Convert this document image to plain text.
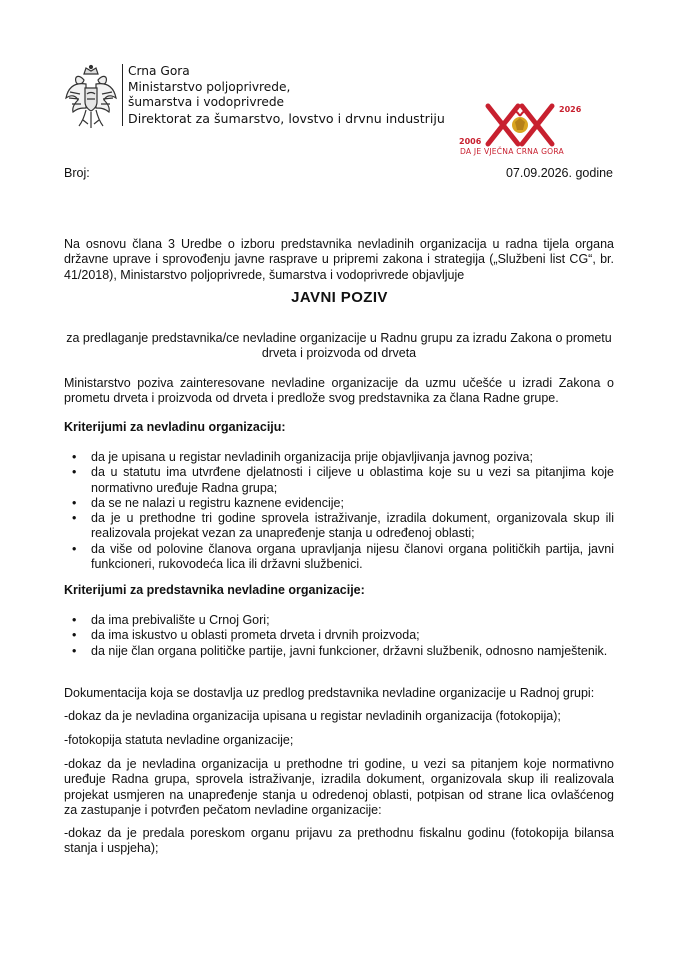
Crna Gora
Ministarstvo poljoprivrede,
šumarstva i vodoprivrede
Direktorat za šumarstvo, lovstvo i drvnu industriju
2006
2026
DA JE VJEČNA CRNA GORA
Broj:	07.09.2026. godine
Na osnovu člana 3 Uredbe o izboru predstavnika nevladinih organizacija u radna tijela organa državne uprave i sprovođenju javne rasprave u pripremi zakona i strategija („Službeni list CG“, br. 41/2018), Ministarstvo poljoprivrede, šumarstva i vodoprivrede objavljuje
JAVNI POZIV
za predlaganje predstavnika/ce nevladine organizacije u Radnu grupu za izradu Zakona o prometu drveta i proizvoda od drveta
Ministarstvo poziva zainteresovane nevladine organizacije da uzmu učešće u izradi Zakona o prometu drveta i proizvoda od drveta i predlože svog predstavnika za člana Radne grupe.
Kriterijumi za nevladinu organizaciju:
• da je upisana u registar nevladinih organizacija prije objavljivanja javnog poziva;
• da u statutu ima utvrđene djelatnosti i ciljeve u oblastima koje su u vezi sa pitanjima koje normativno uređuje Radna grupa;
• da se ne nalazi u registru kaznene evidencije;
• da je u prethodne tri godine sprovela istraživanje, izradila dokument, organizovala skup ili realizovala projekat vezan za unapređenje stanja u određenoj oblasti;
• da više od polovine članova organa upravljanja nijesu članovi organa političkih partija, javni funkcioneri, rukovodeća lica ili državni službenici.
Kriterijumi za predstavnika nevladine organizacije:
• da ima prebivalište u Crnoj Gori;
• da ima iskustvo u oblasti prometa drveta i drvnih proizvoda;
• da nije član organa političke partije, javni funkcioner, državni službenik, odnosno namještenik.
Dokumentacija koja se dostavlja uz predlog predstavnika nevladine organizacije u Radnoj grupi:
-dokaz da je nevladina organizacija upisana u registar nevladinih organizacija (fotokopija);
-fotokopija statuta nevladine organizacije;
-dokaz da je nevladina organizacija u prethodne tri godine, u vezi sa pitanjem koje normativno uređuje Radna grupa, sprovela istraživanje, izradila dokument, organizovala skup ili realizovala projekat usmjeren na unapređenje stanja u odredenoj oblasti, potpisan od strane lica ovlašćenog za zastupanje i potvrđen pečatom nevladine organizacije:
-dokaz da je predala poreskom organu prijavu za prethodnu fiskalnu godinu (fotokopija bilansa stanja i uspjeha);
